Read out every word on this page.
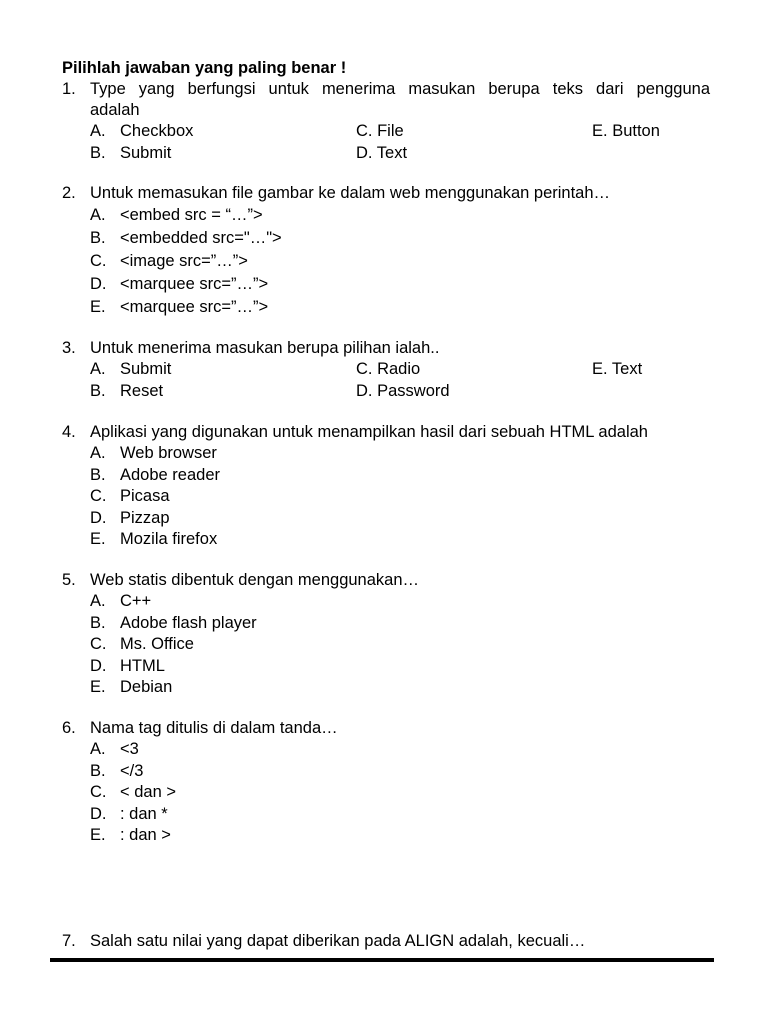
Pilihlah jawaban yang paling benar !
1. Type yang berfungsi untuk menerima masukan berupa teks dari pengguna
adalah
A. Checkbox	C. File	E. Button
B. Submit	D. Text
2. Untuk memasukan file gambar ke dalam web menggunakan perintah…
A. <embed src = “…”>
B. <embedded src="…">
C. <image src=”…”>
D. <marquee src=”…”>
E. <marquee src=”…”>
3. Untuk menerima masukan berupa pilihan ialah..
A. Submit	C. Radio	E. Text
B. Reset	D. Password
4. Aplikasi yang digunakan untuk menampilkan hasil dari sebuah HTML adalah
A. Web browser
B. Adobe reader
C. Picasa
D. Pizzap
E. Mozila firefox
5. Web statis dibentuk dengan menggunakan…
A. C++
B. Adobe flash player
C. Ms. Office
D. HTML
E. Debian
6. Nama tag ditulis di dalam tanda…
A. <3
B. </3
C. < dan >
D. : dan *
E. : dan >
7. Salah satu nilai yang dapat diberikan pada ALIGN adalah, kecuali…
